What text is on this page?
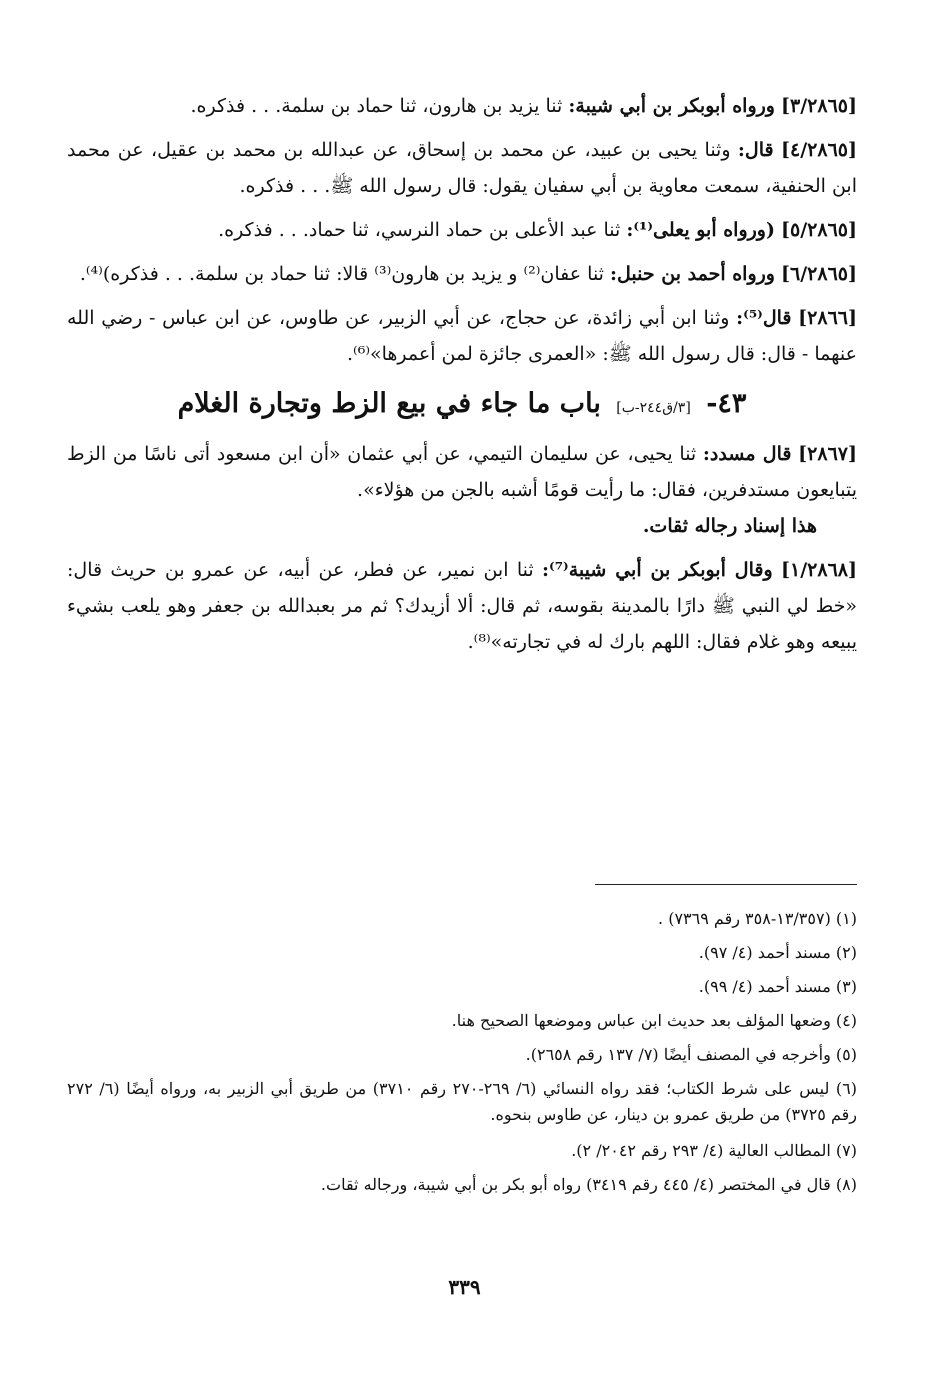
[٣/٢٨٦٥] ورواه أبوبكر بن أبي شيبة: ثنا يزيد بن هارون، ثنا حماد بن سلمة. . . فذكره.

[٤/٢٨٦٥] قال: وثنا يحيى بن عبيد، عن محمد بن إسحاق، عن عبدالله بن محمد بن عقيل، عن محمد ابن الحنفية، سمعت معاوية بن أبي سفيان يقول: قال رسول الله ﷺ. . . فذكره.

[٥/٢٨٦٥] (ورواه أبو يعلى⁽¹⁾: ثنا عبد الأعلى بن حماد النرسي، ثنا حماد. . . فذكره.

[٦/٢٨٦٥] ورواه أحمد بن حنبل: ثنا عفان⁽²⁾ و يزيد بن هارون⁽³⁾ قالا: ثنا حماد بن سلمة. . . فذكره)⁽⁴⁾.

[٢٨٦٦] قال⁽⁵⁾: وثنا ابن أبي زائدة، عن حجاج، عن أبي الزبير، عن طاوس، عن ابن عباس - رضي الله عنهما - قال: قال رسول الله ﷺ: «العمرى جائزة لمن أعمرها»⁽⁶⁾.

٤٣- [٣/ق٢٤٤-ب] باب ما جاء في بيع الزط وتجارة الغلام

[٢٨٦٧] قال مسدد: ثنا يحيى، عن سليمان التيمي، عن أبي عثمان «أن ابن مسعود أتى ناسًا من الزط يتبايعون مستدفرين، فقال: ما رأيت قومًا أشبه بالجن من هؤلاء».

هذا إسناد رجاله ثقات.

[١/٢٨٦٨] وقال أبوبكر بن أبي شيبة⁽⁷⁾: ثنا ابن نمير، عن فطر، عن أبيه، عن عمرو بن حريث قال: «خط لي النبي ﷺ دارًا بالمدينة بقوسه، ثم قال: ألا أزيدك؟ ثم مر بعبدالله بن جعفر وهو يلعب بشيء يبيعه وهو غلام فقال: اللهم بارك له في تجارته»⁽⁸⁾.

(١) (١٣/٣٥٧-٣٥٨ رقم ٧٣٦٩) .

(٢) مسند أحمد (٤/ ٩٧).

(٣) مسند أحمد (٤/ ٩٩).

(٤) وضعها المؤلف بعد حديث ابن عباس وموضعها الصحيح هنا.

(٥) وأخرجه في المصنف أيضًا (٧/ ١٣٧ رقم ٢٦٥٨).

(٦) ليس على شرط الكتاب؛ فقد رواه النسائي (٦/ ٢٦٩-٢٧٠ رقم ٣٧١٠) من طريق أبي الزبير به، ورواه أيضًا (٦/ ٢٧٢ رقم ٣٧٢٥) من طريق عمرو بن دينار، عن طاوس بنحوه.

(٧) المطالب العالية (٤/ ٢٩٣ رقم ٢٠٤٢/ ٢).

(٨) قال في المختصر (٤/ ٤٤٥ رقم ٣٤١٩) رواه أبو بكر بن أبي شيبة، ورجاله ثقات.

٣٣٩
